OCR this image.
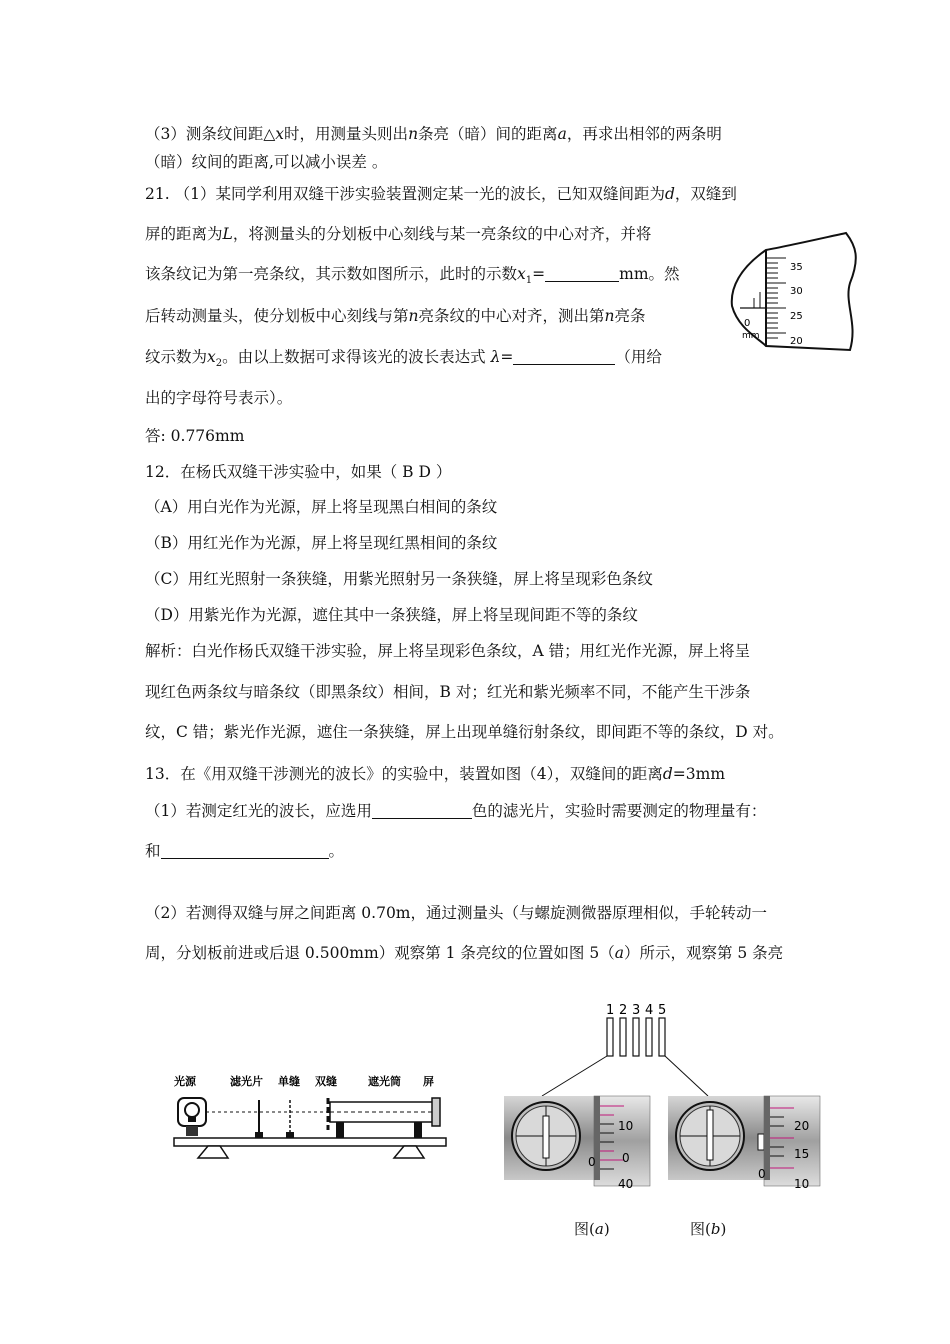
（3）测条纹间距△x时，用测量头则出n条亮（暗）间的距离a，再求出相邻的两条明
（暗）纹间的距离,可以减小误差 。
21. （1）某同学利用双缝干涉实验装置测定某一光的波长，已知双缝间距为d，双缝到
屏的距离为L，将测量头的分划板中心刻线与某一亮条纹的中心对齐，并将
该条纹记为第一亮条纹，其示数如图所示，此时的示数$x_1=$	mm。然
后转动测量头，使分划板中心刻线与第n亮条纹的中心对齐，测出第n亮条
纹示数为$x_2$。由以上数据可求得该光的波长表达式 λ=	（用给
出的字母符号表示）。
答: 0.776mm
35
30
25
20
0
mm
12．在杨氏双缝干涉实验中，如果（ B D ）
（A）用白光作为光源，屏上将呈现黑白相间的条纹
（B）用红光作为光源，屏上将呈现红黑相间的条纹
（C）用红光照射一条狭缝，用紫光照射另一条狭缝，屏上将呈现彩色条纹
（D）用紫光作为光源，遮住其中一条狭缝，屏上将呈现间距不等的条纹
解析：白光作杨氏双缝干涉实验，屏上将呈现彩色条纹，A 错；用红光作光源，屏上将呈
现红色两条纹与暗条纹（即黑条纹）相间，B 对；红光和紫光频率不同，不能产生干涉条
纹，C 错；紫光作光源，遮住一条狭缝，屏上出现单缝衍射条纹，即间距不等的条纹，D 对。
13．在《用双缝干涉测光的波长》的实验中，装置如图（4），双缝间的距离d=3mm
（1）若测定红光的波长，应选用	色的滤光片，实验时需要测定的物理量有：
和	。
（2）若测得双缝与屏之间距离 0.70m，通过测量头（与螺旋测微器原理相似，手轮转动一
周，分划板前进或后退 0.500mm）观察第 1 条亮纹的位置如图 5（a）所示，观察第 5 条亮
光源	滤光片 单缝 双缝	遮光筒 屏
1 2 3 4 5
10
0
40
0
20
15
10
0
图(a)	图(b)
